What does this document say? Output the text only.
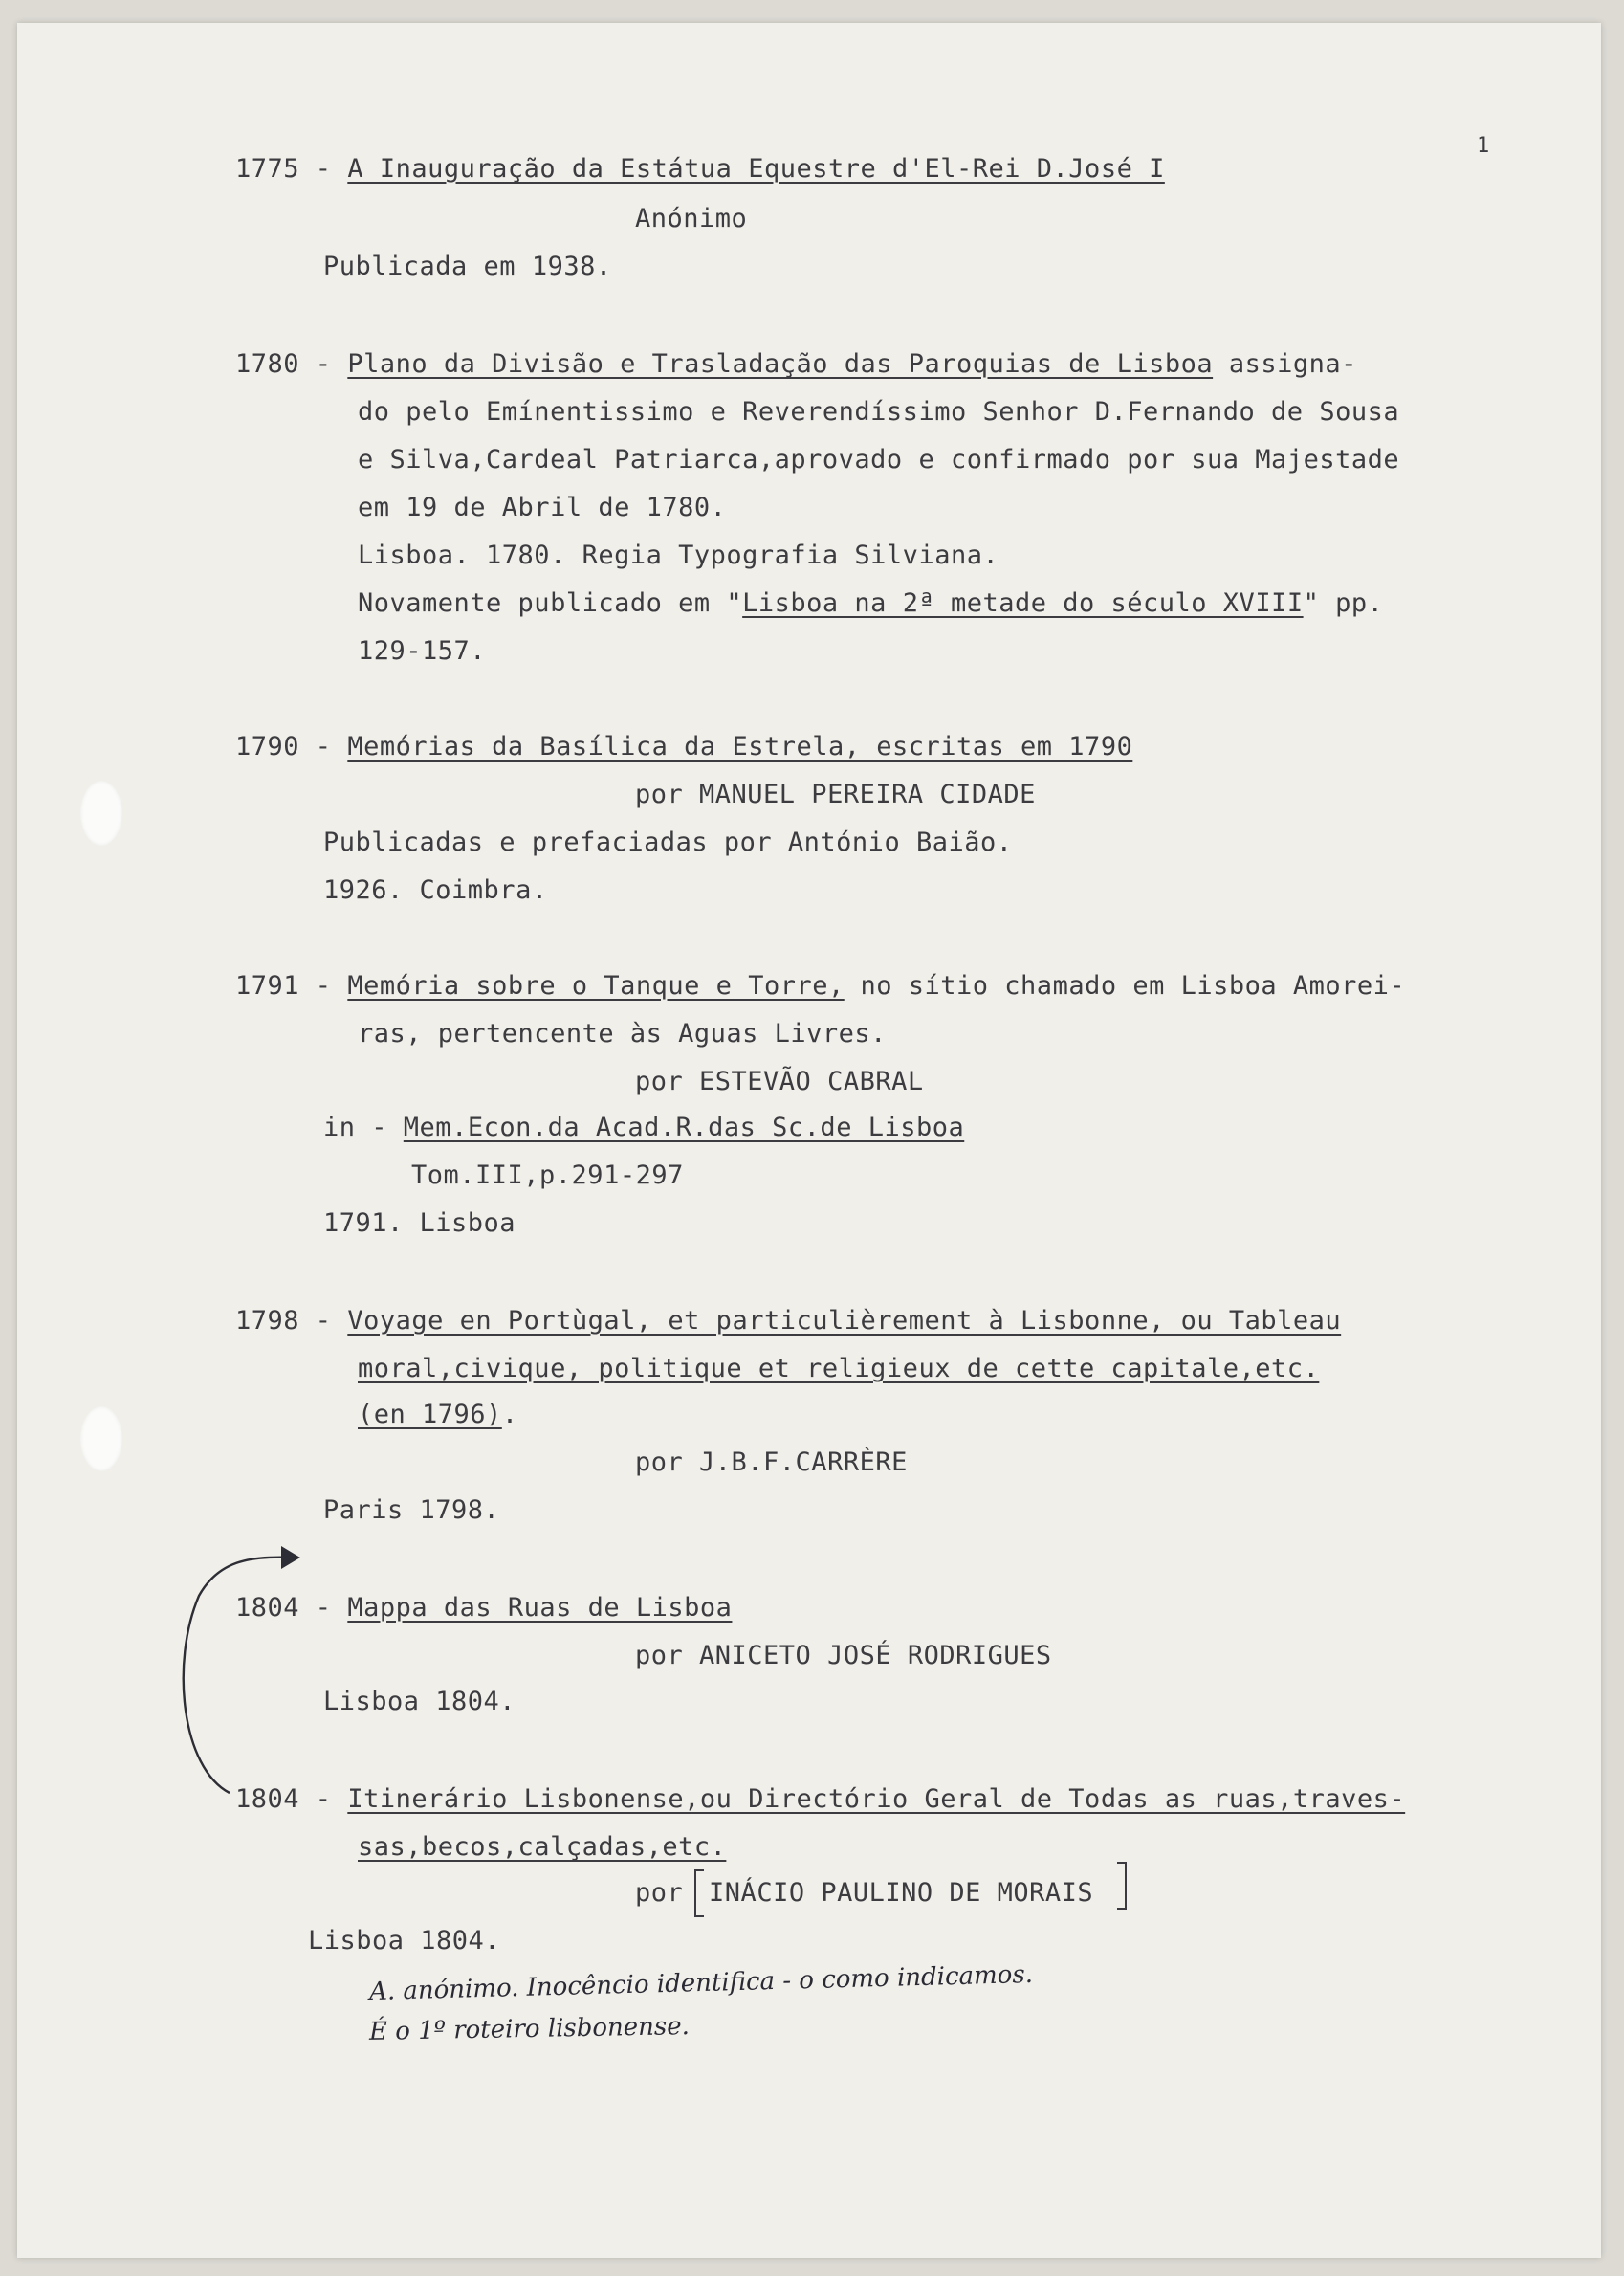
1
1775 - A Inauguração da Estátua Equestre d'El-Rei D.José I
Anónimo
Publicada em 1938.
1780 - Plano da Divisão e Trasladação das Paroquias de Lisboa assigna-
do pelo Emínentissimo e Reverendíssimo Senhor D.Fernando de Sousa
e Silva,Cardeal Patriarca,aprovado e confirmado por sua Majestade
em 19 de Abril de 1780.
Lisboa. 1780. Regia Typografia Silviana.
Novamente publicado em "Lisboa na 2ª metade do século XVIII" pp.
129-157.
1790 - Memórias da Basílica da Estrela, escritas em 1790
por MANUEL PEREIRA CIDADE
Publicadas e prefaciadas por António Baião.
1926. Coimbra.
1791 - Memória sobre o Tanque e Torre, no sítio chamado em Lisboa Amorei-
ras, pertencente às Aguas Livres.
por ESTEVÃO CABRAL
in - Mem.Econ.da Acad.R.das Sc.de Lisboa
Tom.III,p.291-297
1791. Lisboa
1798 - Voyage en Portùgal, et particulièrement à Lisbonne, ou Tableau
moral,civique, politique et religieux de cette capitale,etc.
(en 1796).
por J.B.F.CARRÈRE
Paris 1798.
1804 - Mappa das Ruas de Lisboa
por ANICETO JOSÉ RODRIGUES
Lisboa 1804.
1804 - Itinerário Lisbonense,ou Directório Geral de Todas as ruas,traves-
sas,becos,calçadas,etc.
por INÁCIO PAULINO DE MORAIS
Lisboa 1804.
A. anónimo. Inocêncio identifica - o como indicamos.
É o 1º roteiro lisbonense.
